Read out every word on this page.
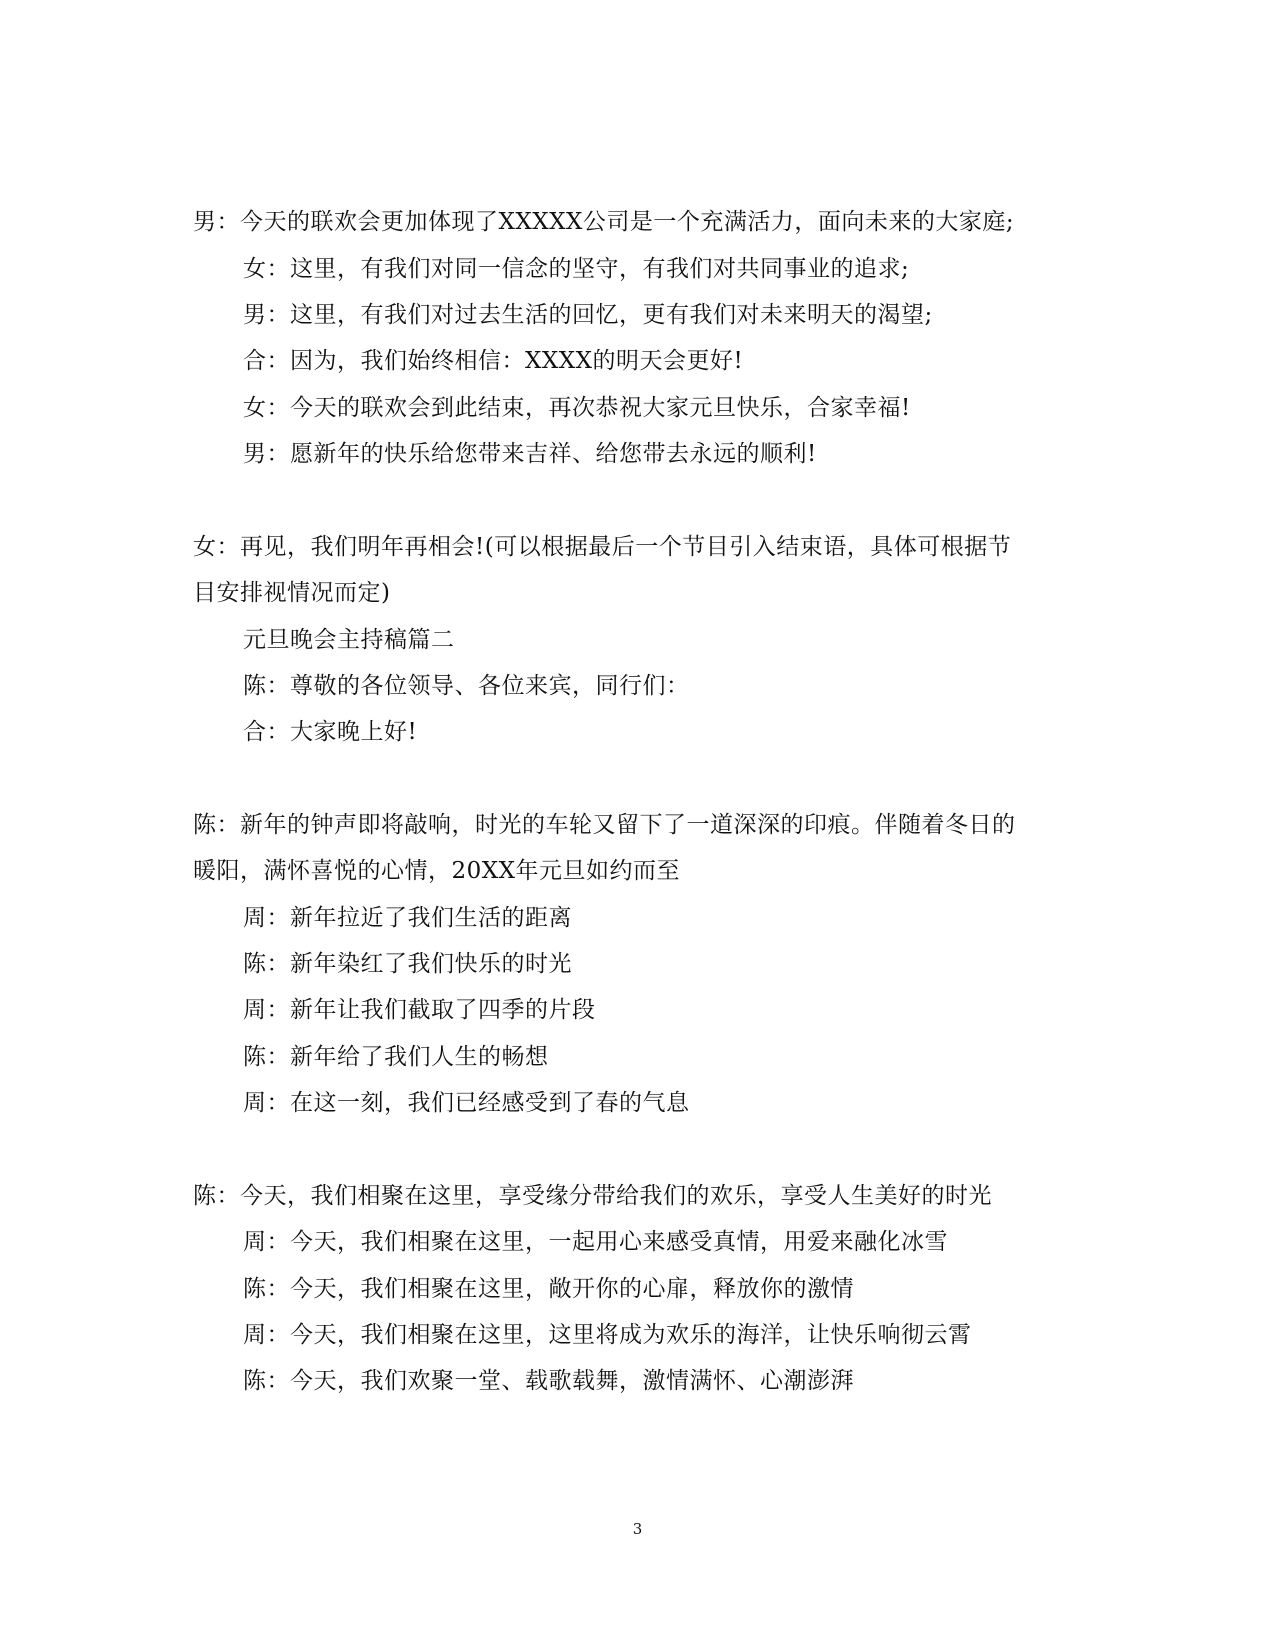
男：今天的联欢会更加体现了XXXXX公司是一个充满活力，面向未来的大家庭;
女：这里，有我们对同一信念的坚守，有我们对共同事业的追求;
男：这里，有我们对过去生活的回忆，更有我们对未来明天的渴望;
合：因为，我们始终相信：XXXX的明天会更好!
女：今天的联欢会到此结束，再次恭祝大家元旦快乐，合家幸福!
男：愿新年的快乐给您带来吉祥、给您带去永远的顺利!
女：再见，我们明年再相会!(可以根据最后一个节目引入结束语，具体可根据节
目安排视情况而定)
元旦晚会主持稿篇二
陈：尊敬的各位领导、各位来宾，同行们：
合：大家晚上好!
陈：新年的钟声即将敲响，时光的车轮又留下了一道深深的印痕。伴随着冬日的
暖阳，满怀喜悦的心情，20XX年元旦如约而至
周：新年拉近了我们生活的距离
陈：新年染红了我们快乐的时光
周：新年让我们截取了四季的片段
陈：新年给了我们人生的畅想
周：在这一刻，我们已经感受到了春的气息
陈：今天，我们相聚在这里，享受缘分带给我们的欢乐，享受人生美好的时光
周：今天，我们相聚在这里，一起用心来感受真情，用爱来融化冰雪
陈：今天，我们相聚在这里，敞开你的心扉，释放你的激情
周：今天，我们相聚在这里，这里将成为欢乐的海洋，让快乐响彻云霄
陈：今天，我们欢聚一堂、载歌载舞，激情满怀、心潮澎湃
3
